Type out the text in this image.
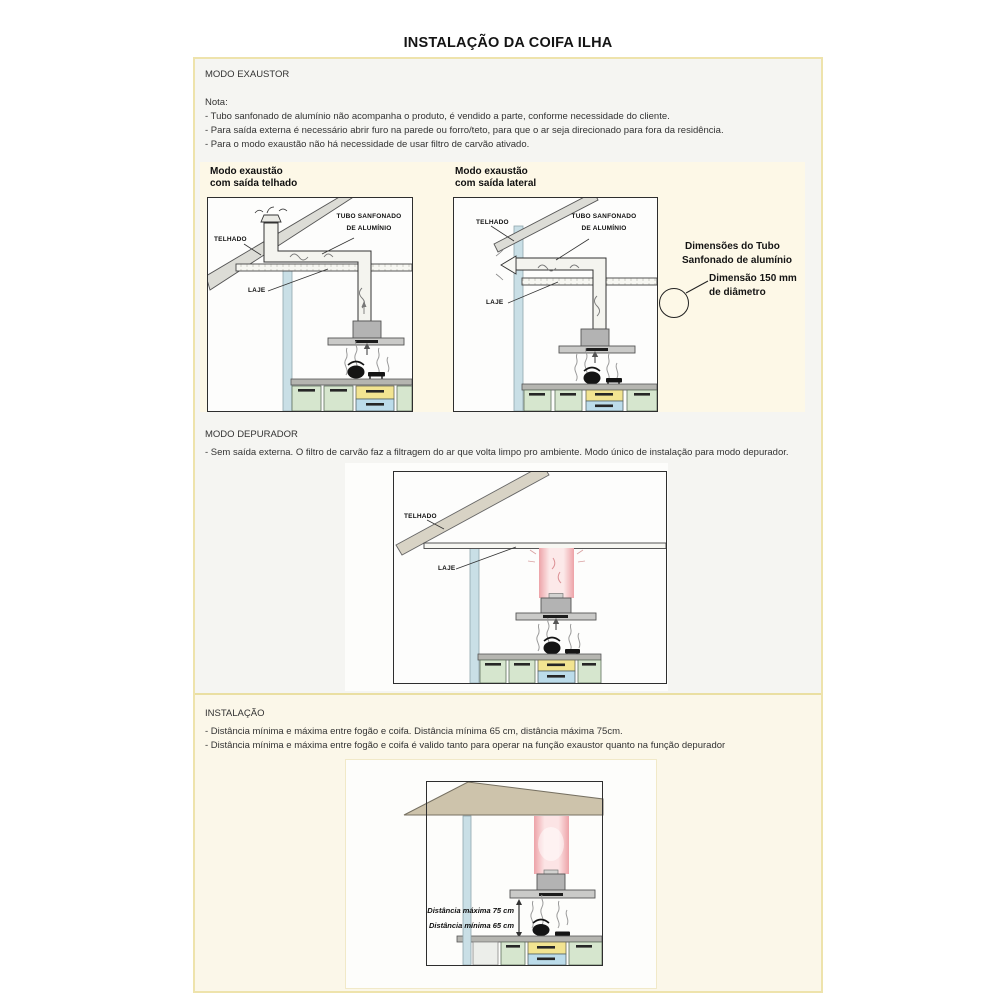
INSTALAÇÃO DA COIFA ILHA
MODO EXAUSTOR
Nota:
- Tubo sanfonado de alumínio não acompanha o produto, é vendido a parte, conforme necessidade do cliente.
- Para saída externa é necessário abrir furo na parede ou forro/teto, para que o ar seja direcionado para fora da residência.
- Para o modo exaustão não há necessidade de usar filtro de carvão ativado.
Modo exaustão
com saída telhado
TELHADO
TUBO SANFONADO
DE ALUMÍNIO
LAJE
Modo exaustão
com saída lateral
TELHADO
TUBO SANFONADO
DE ALUMÍNIO
LAJE
Dimensões do Tubo
Sanfonado de alumínio
Dimensão 150 mm
de diâmetro
MODO DEPURADOR
- Sem saída externa. O filtro de carvão faz a filtragem do ar que volta limpo pro ambiente. Modo único de instalação para modo depurador.
TELHADO
LAJE
INSTALAÇÃO
- Distância mínima e máxima entre fogão e coifa. Distância mínima 65 cm, distância máxima 75cm.
- Distância mínima e máxima entre fogão e coifa é valido tanto para operar na função exaustor quanto na função depurador
Distância máxima 75 cm
Distância mínima 65 cm
